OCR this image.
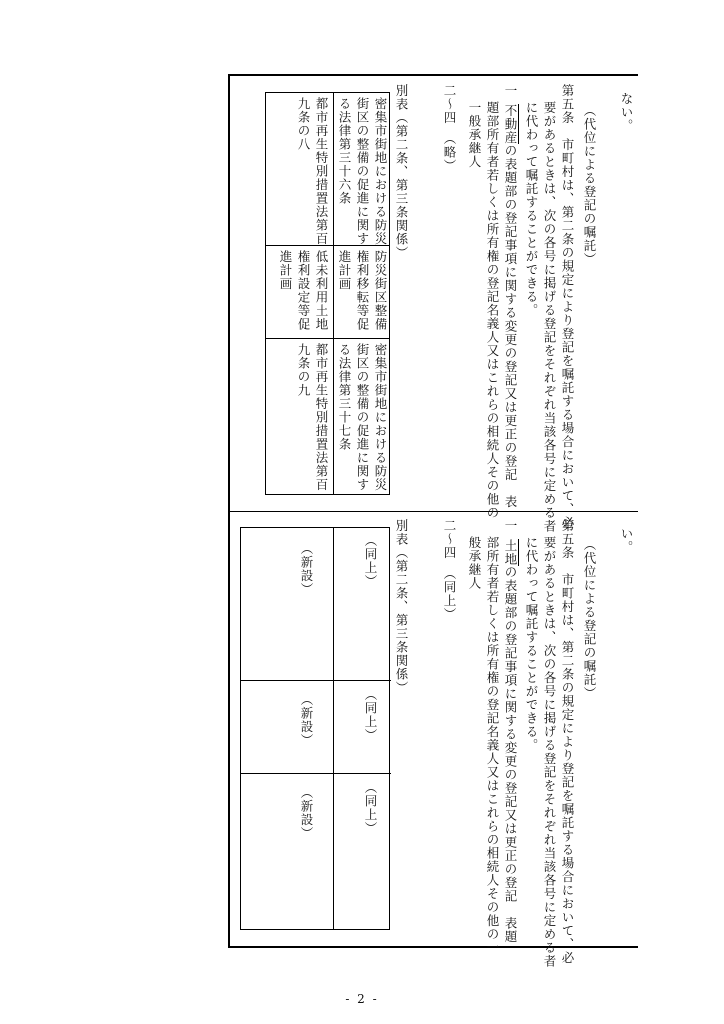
ない。
（代位による登記の嘱託）
第五条　市町村は、第二条の規定により登記を嘱託する場合において、必
要があるときは、次の各号に掲げる登記をそれぞれ当該各号に定める者
に代わって嘱託することができる。
一不動産の表題部の登記事項に関する変更の登記又は更正の登記　表
題部所有者若しくは所有権の登記名義人又はこれらの相続人その他の
一般承継人
二～四　（略）
別表（第二条、第三条関係）
密集市街地における防災
街区の整備の促進に関す
る法律第三十六条
防災街区整備
権利移転等促
進計画
密集市街地における防災
街区の整備の促進に関す
る法律第三十七条
都市再生特別措置法第百
九条の八
低未利用土地
権利設定等促
進計画
都市再生特別措置法第百
九条の九
い。
（代位による登記の嘱託）
第五条　市町村は、第二条の規定により登記を嘱託する場合において、必
要があるときは、次の各号に掲げる登記をそれぞれ当該各号に定める者
に代わって嘱託することができる。
一土地の表題部の登記事項に関する変更の登記又は更正の登記　表題
部所有者若しくは所有権の登記名義人又はこれらの相続人その他の一
般承継人
二～四　（同上）
別表（第二条、第三条関係）
（同上）
（同上）
（同上）
（新設）
（新設）
（新設）
- 2 -
